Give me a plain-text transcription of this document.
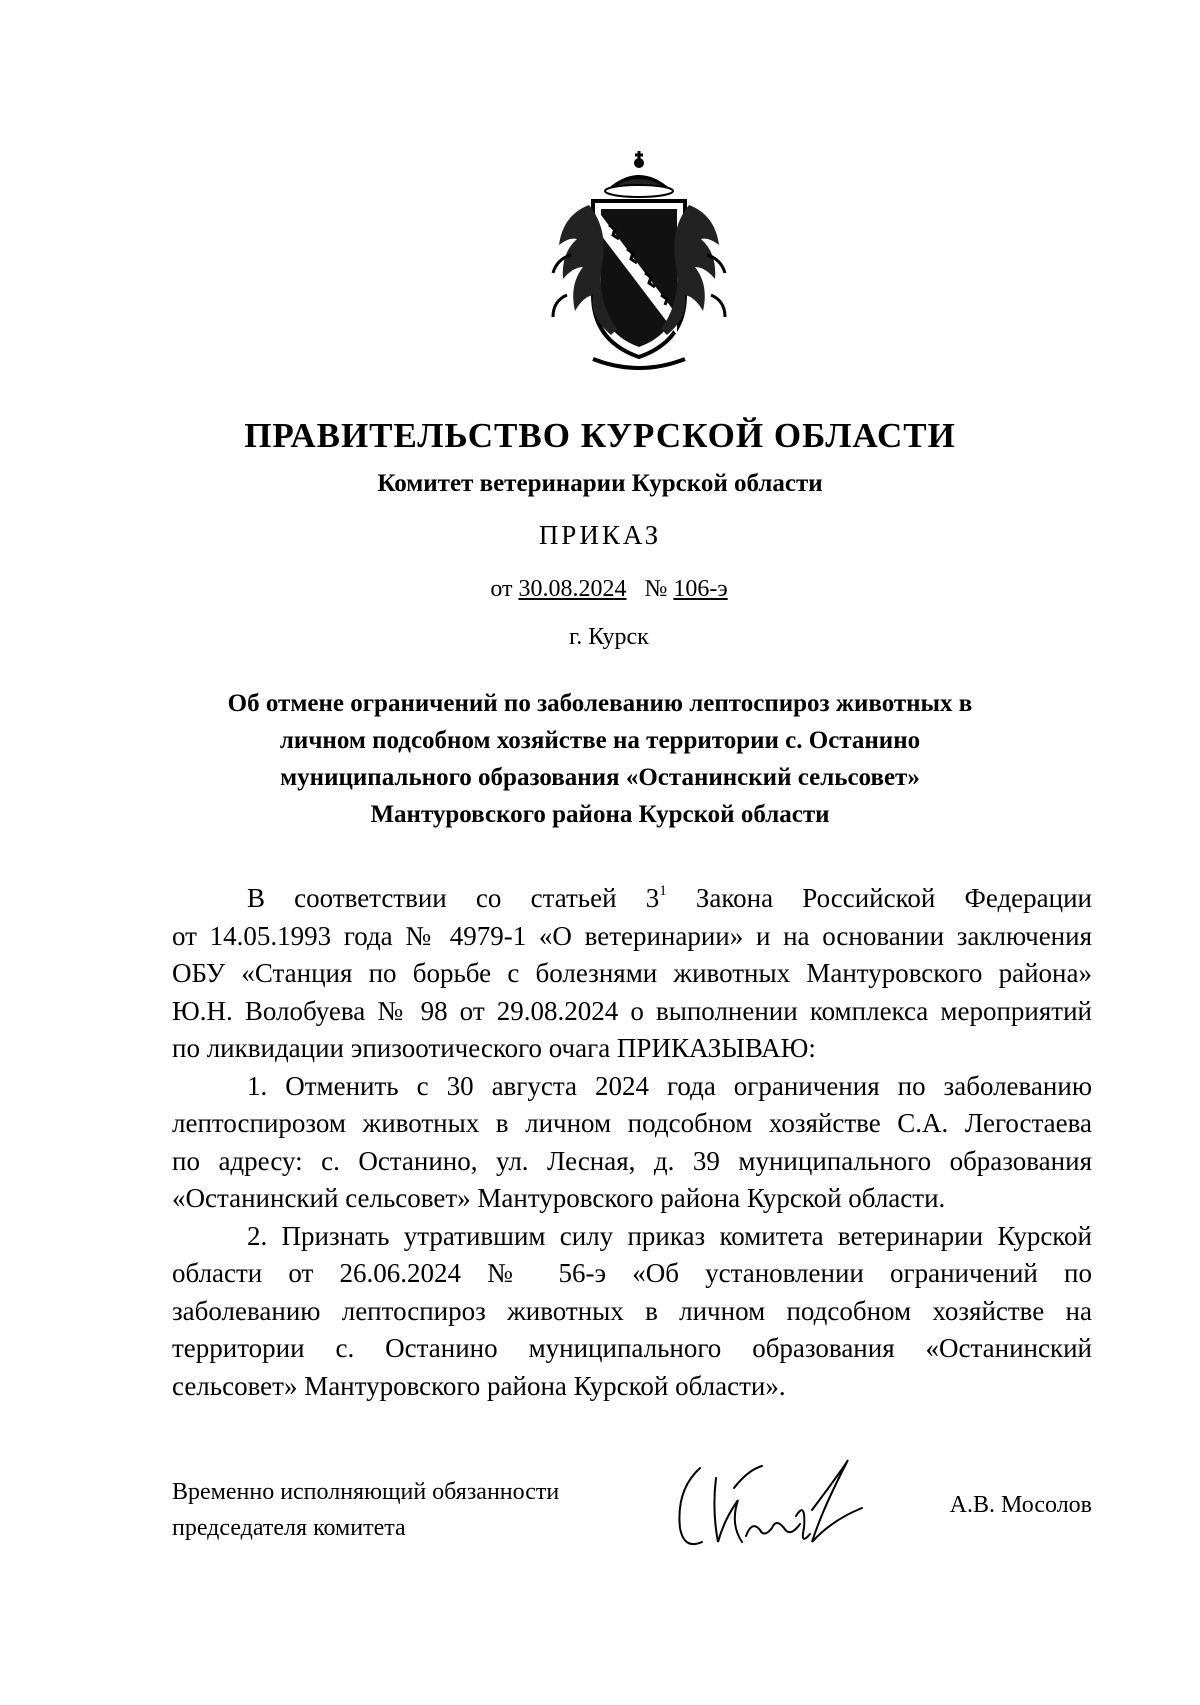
ПРАВИТЕЛЬСТВО КУРСКОЙ ОБЛАСТИ
Комитет ветеринарии Курской области
ПРИКАЗ
от 30.08.2024 № 106-э
г. Курск
Об отмене ограничений по заболеванию лептоспироз животных в
личном подсобном хозяйстве на территории с. Останино
муниципального образования «Останинский сельсовет»
Мантуровского района Курской области
В соответствии со статьей $3^1$ Закона Российской Федерации
от 14.05.1993 года № 4979-1 «О ветеринарии» и на основании заключения
ОБУ «Станция по борьбе с болезнями животных Мантуровского района»
Ю.Н. Волобуева № 98 от 29.08.2024 о выполнении комплекса мероприятий
по ликвидации эпизоотического очага ПРИКАЗЫВАЮ:
1. Отменить с 30 августа 2024 года ограничения по заболеванию
лептоспирозом животных в личном подсобном хозяйстве С.А. Легостаева
по адресу: с. Останино, ул. Лесная, д. 39 муниципального образования
«Останинский сельсовет» Мантуровского района Курской области.
2. Признать утратившим силу приказ комитета ветеринарии Курской
области от 26.06.2024 № 56-э «Об установлении ограничений по
заболеванию лептоспироз животных в личном подсобном хозяйстве на
территории с. Останино муниципального образования «Останинский
сельсовет» Мантуровского района Курской области».
Временно исполняющий обязанности
председателя комитета
А.В. Мосолов
